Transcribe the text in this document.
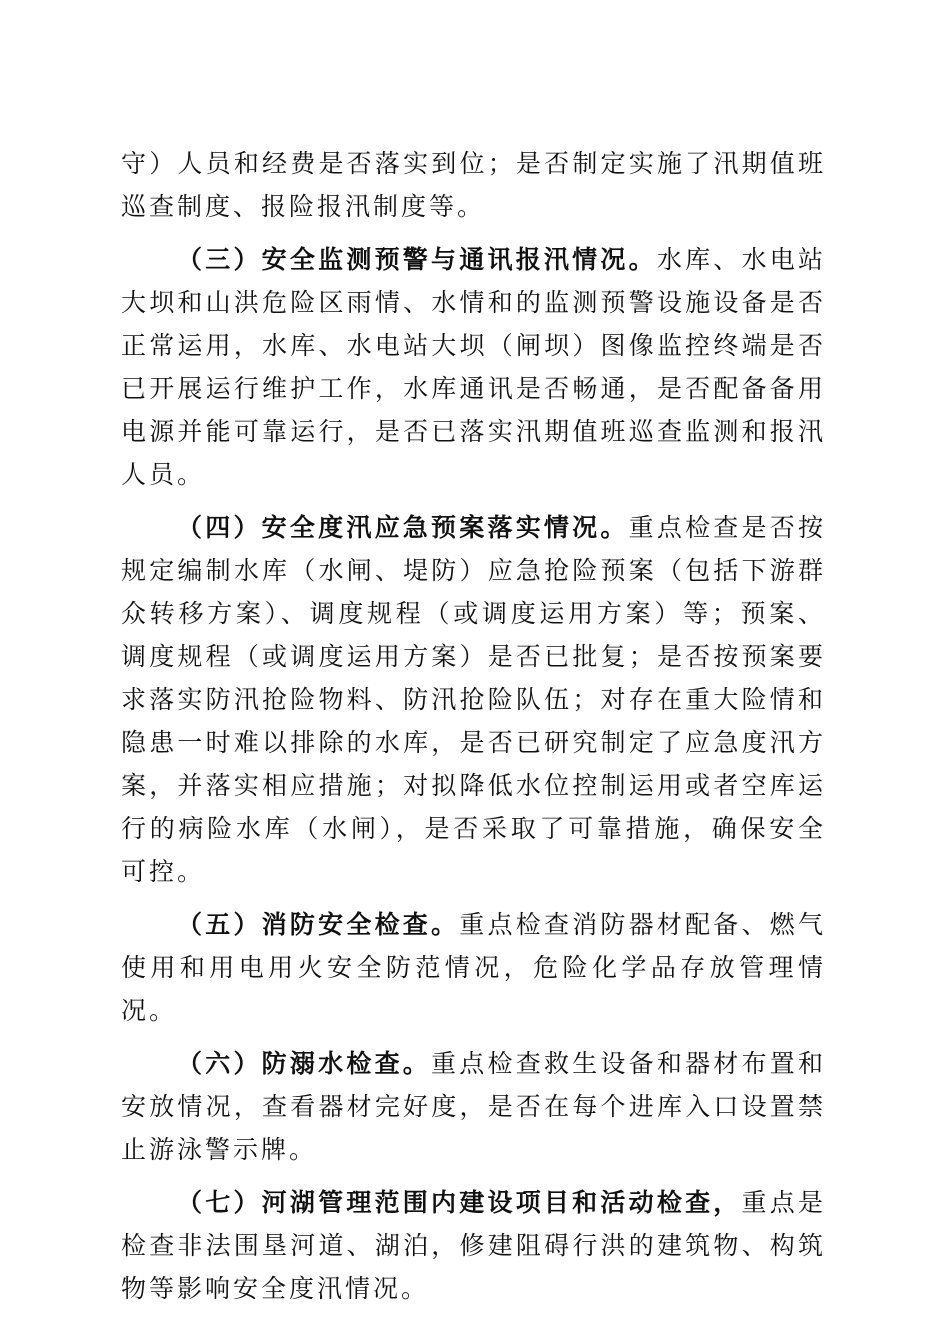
守）人员和经费是否落实到位；是否制定实施了汛期值班巡查制度、报险报汛制度等。

（三）安全监测预警与通讯报汛情况。水库、水电站大坝和山洪危险区雨情、水情和的监测预警设施设备是否正常运用，水库、水电站大坝（闸坝）图像监控终端是否已开展运行维护工作，水库通讯是否畅通，是否配备备用电源并能可靠运行，是否已落实汛期值班巡查监测和报汛人员。

（四）安全度汛应急预案落实情况。重点检查是否按规定编制水库（水闸、堤防）应急抢险预案（包括下游群众转移方案）、调度规程（或调度运用方案）等；预案、调度规程（或调度运用方案）是否已批复；是否按预案要求落实防汛抢险物料、防汛抢险队伍；对存在重大险情和隐患一时难以排除的水库，是否已研究制定了应急度汛方案，并落实相应措施；对拟降低水位控制运用或者空库运行的病险水库（水闸），是否采取了可靠措施，确保安全可控。

（五）消防安全检查。重点检查消防器材配备、燃气使用和用电用火安全防范情况，危险化学品存放管理情况。

（六）防溺水检查。重点检查救生设备和器材布置和安放情况，查看器材完好度，是否在每个进库入口设置禁止游泳警示牌。

（七）河湖管理范围内建设项目和活动检查，重点是检查非法围垦河道、湖泊，修建阻碍行洪的建筑物、构筑物等影响安全度汛情况。
